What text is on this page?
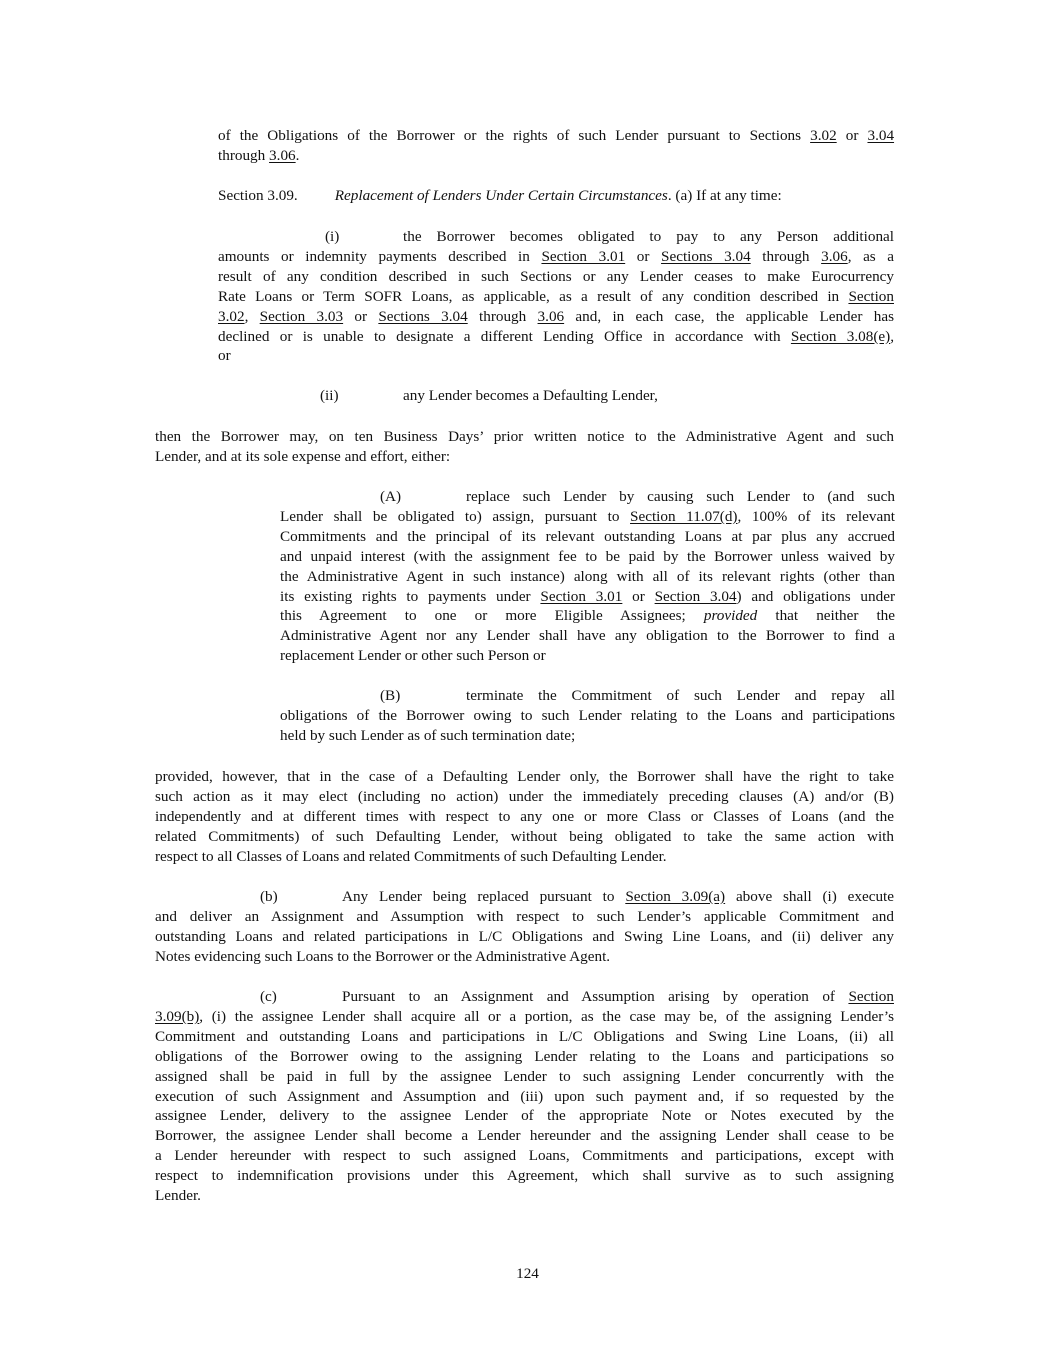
of the Obligations of the Borrower or the rights of such Lender pursuant to Sections 3.02 or 3.04
through 3.06.
Section 3.09. Replacement of Lenders Under Certain Circumstances. (a) If at any time:
(i)	the Borrower becomes obligated to pay to any Person additional
amounts or indemnity payments described in Section 3.01 or Sections 3.04 through 3.06, as a
result of any condition described in such Sections or any Lender ceases to make Eurocurrency
Rate Loans or Term SOFR Loans, as applicable, as a result of any condition described in Section
3.02, Section 3.03 or Sections 3.04 through 3.06 and, in each case, the applicable Lender has
declined or is unable to designate a different Lending Office in accordance with Section 3.08(e),
or
(ii)	any Lender becomes a Defaulting Lender,
then the Borrower may, on ten Business Days’ prior written notice to the Administrative Agent and such
Lender, and at its sole expense and effort, either:
(A)	replace such Lender by causing such Lender to (and such
Lender shall be obligated to) assign, pursuant to Section 11.07(d), 100% of its relevant
Commitments and the principal of its relevant outstanding Loans at par plus any accrued
and unpaid interest (with the assignment fee to be paid by the Borrower unless waived by
the Administrative Agent in such instance) along with all of its relevant rights (other than
its existing rights to payments under Section 3.01 or Section 3.04) and obligations under
this Agreement to one or more Eligible Assignees; provided that neither the
Administrative Agent nor any Lender shall have any obligation to the Borrower to find a
replacement Lender or other such Person or
(B)	terminate the Commitment of such Lender and repay all
obligations of the Borrower owing to such Lender relating to the Loans and participations
held by such Lender as of such termination date;
provided, however, that in the case of a Defaulting Lender only, the Borrower shall have the right to take
such action as it may elect (including no action) under the immediately preceding clauses (A) and/or (B)
independently and at different times with respect to any one or more Class or Classes of Loans (and the
related Commitments) of such Defaulting Lender, without being obligated to take the same action with
respect to all Classes of Loans and related Commitments of such Defaulting Lender.
(b)	Any Lender being replaced pursuant to Section 3.09(a) above shall (i) execute
and deliver an Assignment and Assumption with respect to such Lender’s applicable Commitment and
outstanding Loans and related participations in L/C Obligations and Swing Line Loans, and (ii) deliver any
Notes evidencing such Loans to the Borrower or the Administrative Agent.
(c)	Pursuant to an Assignment and Assumption arising by operation of Section
3.09(b), (i) the assignee Lender shall acquire all or a portion, as the case may be, of the assigning Lender’s
Commitment and outstanding Loans and participations in L/C Obligations and Swing Line Loans, (ii) all
obligations of the Borrower owing to the assigning Lender relating to the Loans and participations so
assigned shall be paid in full by the assignee Lender to such assigning Lender concurrently with the
execution of such Assignment and Assumption and (iii) upon such payment and, if so requested by the
assignee Lender, delivery to the assignee Lender of the appropriate Note or Notes executed by the
Borrower, the assignee Lender shall become a Lender hereunder and the assigning Lender shall cease to be
a Lender hereunder with respect to such assigned Loans, Commitments and participations, except with
respect to indemnification provisions under this Agreement, which shall survive as to such assigning
Lender.
124
